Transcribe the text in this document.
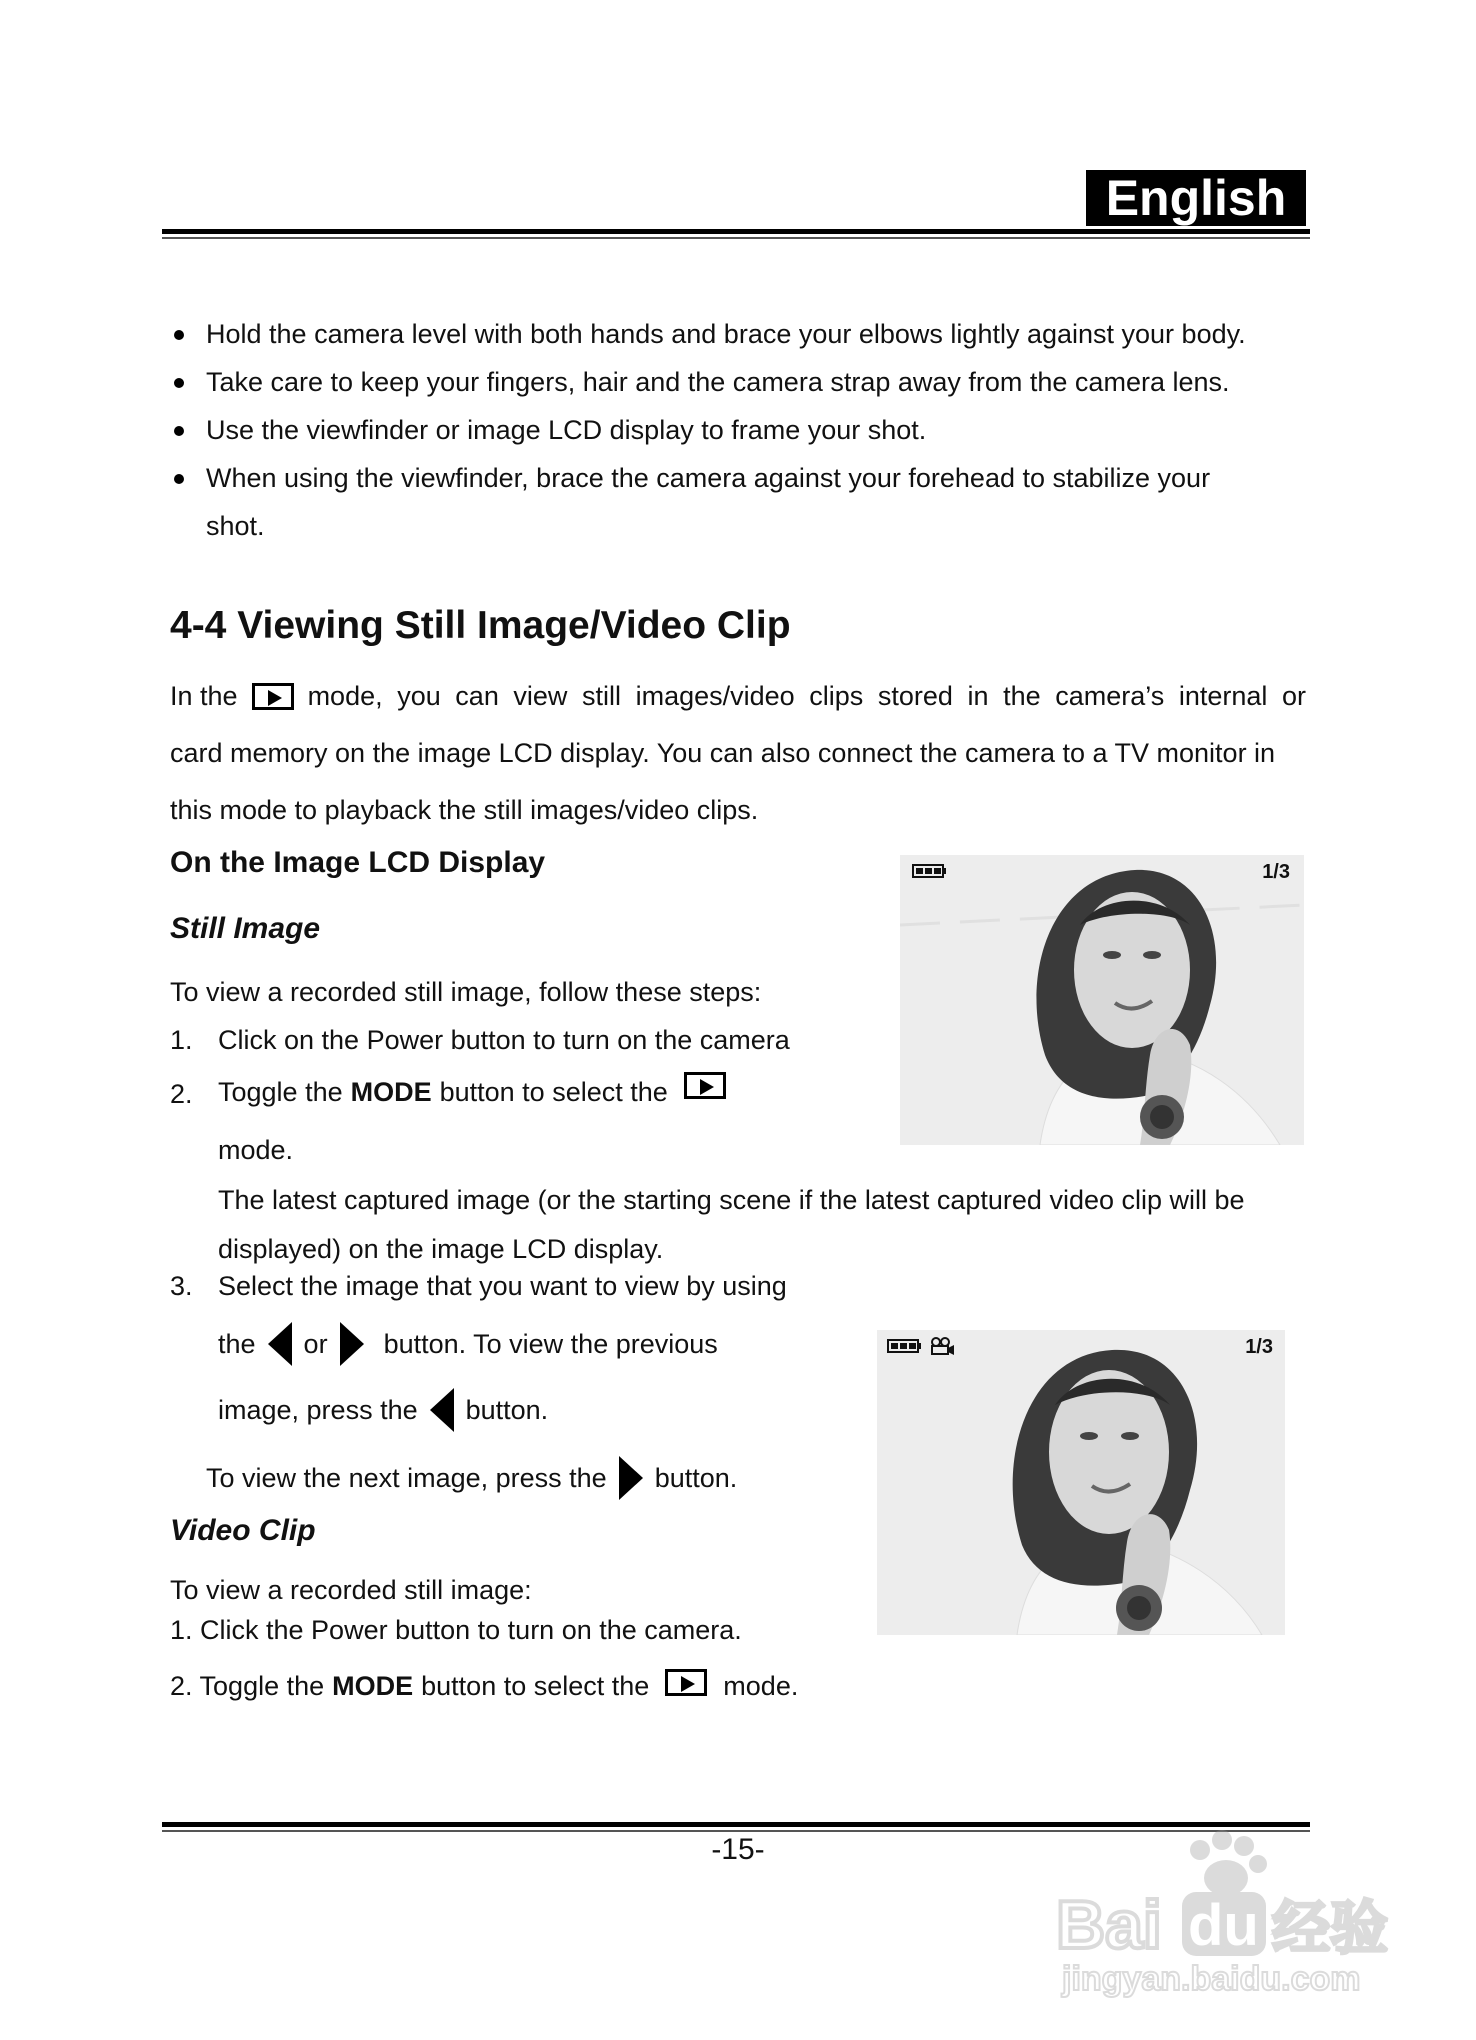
English
Hold the camera level with both hands and brace your elbows lightly against your body.
Take care to keep your fingers, hair and the camera strap away from the camera lens.
Use the viewfinder or image LCD display to frame your shot.
When using the viewfinder, brace the camera against your forehead to stabilize your
shot.
4-4 Viewing Still Image/Video Clip
In the	mode, you can view still images/video clips stored in the camera’s internal or
card memory on the image LCD display. You can also connect the camera to a TV monitor in
this mode to playback the still images/video clips.
On the Image LCD Display
Still Image
To view a recorded still image, follow these steps:
1. Click on the Power button to turn on the camera
2. Toggle the MODE button to select the
mode.
The latest captured image (or the starting scene if the latest captured video clip will be
displayed) on the image LCD display.
3. Select the image that you want to view by using
the or button. To view the previous
image, press the button.
To view the next image, press the button.
Video Clip
To view a recorded still image:
1. Click the Power button to turn on the camera.
2. Toggle the MODE button to select the	mode.
1/3
1/3
-15-
Bai du 经验
jingyan.baidu.com
